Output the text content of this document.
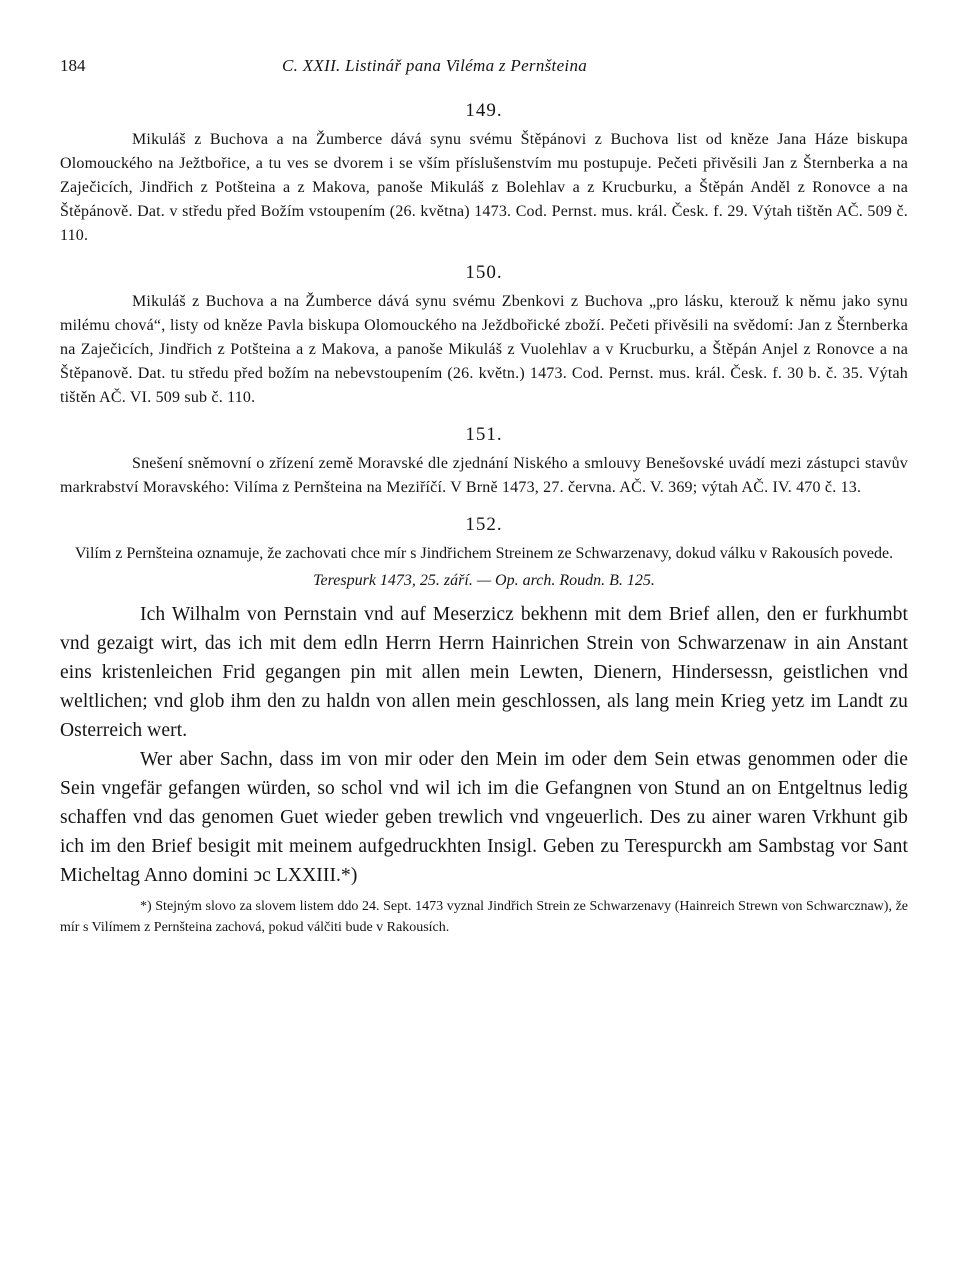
184	C. XXII. Listinář pana Viléma z Pernšteina
149.

Mikuláš z Buchova a na Žumberce dává synu svému Štěpánovi z Buchova list od kněze Jana Háze biskupa Olomouckého na Ježtbořice, a tu ves se dvorem i se vším příslušenstvím mu postupuje. Pečeti přivěsili Jan z Šternberka a na Zaječicích, Jindřich z Potšteina a z Makova, panoše Mikuláš z Bolehlav a z Krucburku, a Štěpán Anděl z Ronovce a na Štěpánově. Dat. v středu před Božím vstoupením (26. května) 1473. Cod. Pernst. mus. král. Česk. f. 29. Výtah tištěn AČ. 509 č. 110.

150.

Mikuláš z Buchova a na Žumberce dává synu svému Zbenkovi z Buchova „pro lásku, kterouž k němu jako synu milému chová“, listy od kněze Pavla biskupa Olomouckého na Ježdbořické zboží. Pečeti přivěsili na svědomí: Jan z Šternberka na Zaječicích, Jindřich z Potšteina a z Makova, a panoše Mikuláš z Vuolehlav a v Krucburku, a Štěpán Anjel z Ronovce a na Štěpanově. Dat. tu středu před božím na nebevstoupením (26. květn.) 1473. Cod. Pernst. mus. král. Česk. f. 30 b. č. 35. Výtah tištěn AČ. VI. 509 sub č. 110.

151.

Snešení sněmovní o zřízení země Moravské dle zjednání Niského a smlouvy Benešovské uvádí mezi zástupci stavův markrabství Moravského: Vilíma z Pernšteina na Meziříčí. V Brně 1473, 27. června. AČ. V. 369; výtah AČ. IV. 470 č. 13.

152.

Vilím z Pernšteina oznamuje, že zachovati chce mír s Jindřichem Streinem ze Schwarzenavy, dokud válku v Rakousích povede.

Terespurk 1473, 25. září. — Op. arch. Roudn. B. 125.

Ich Wilhalm von Pernstain vnd auf Meserzicz bekhenn mit dem Brief allen, den er furkhumbt vnd gezaigt wirt, das ich mit dem edln Herrn Herrn Hainrichen Strein von Schwarzenaw in ain Anstant eins kristenleichen Frid gegangen pin mit allen mein Lewten, Dienern, Hindersessn, geistlichen vnd weltlichen; vnd glob ihm den zu haldn von allen mein geschlossen, als lang mein Krieg yetz im Landt zu Osterreich wert.

Wer aber Sachn, dass im von mir oder den Mein im oder dem Sein etwas genommen oder die Sein vngefär gefangen würden, so schol vnd wil ich im die Gefangnen von Stund an on Entgeltnus ledig schaffen vnd das genomen Guet wieder geben trewlich vnd vngeuerlich. Des zu ainer waren Vrkhunt gib ich im den Brief besigit mit meinem aufgedruckhten Insigl. Geben zu Terespurckh am Sambstag vor Sant Micheltag Anno domini ↄc LXXIII.*)

*) Stejným slovo za slovem listem ddo 24. Sept. 1473 vyznal Jindřich Strein ze Schwarzenavy (Hainreich Strewn von Schwarcznaw), že mír s Vilímem z Pernšteina zachová, pokud válčiti bude v Rakousích.
